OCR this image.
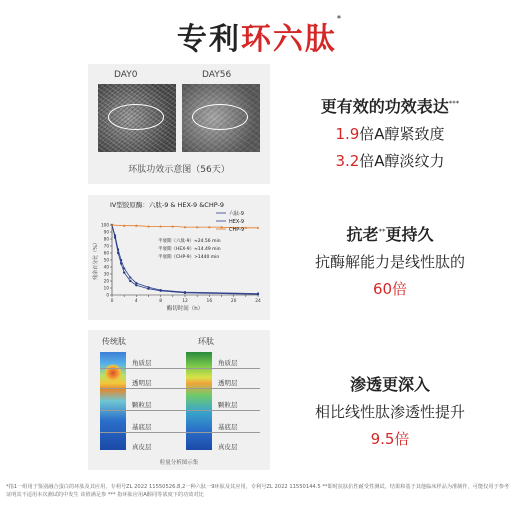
专利环六肽*
DAY0	DAY56
环肽功效示意图（56天）
更有效的功效表达***
1.9倍A醇紧致度
3.2倍A醇淡纹力
IV型胶原酶：六肽-9 & HEX-9 &CHP-9
0
10
20
30
40
50
60
70
80
90
100
0	4	8	12	16	20	24
酶切时间（h）
残余百分比（%）
六肽-9
HEX-9
CHP-9
半衰期（六肽-9）≈24.56 min
半衰期（HEX-9）≈14.49 min
半衰期（CHP-9）>1440 min
抗老**更持久
抗酶解能力是线性肽的
60倍
传统肽	环肽
角质层
透明层
颗粒层
基底层
真皮层
角质层
透明层
颗粒层
基底层
真皮层
粒量分析图示集
渗透更深入
相比线性肽渗透性提升
9.5倍
*指1一组用于鉴别融合蛋白的环肽及其应用，专利号ZL 2022 11550526.8,2一种六肽一9环肽及其应用，专利号ZL 2022 11550144.5 **即时抗肽抗性耐受性测试，结果和基于其他临床样品为准制作，可能仅用于参考证明其不适用本次测试的中发生 该值满足参 *** 指环肽应用A醇同等浓度下的功效对比
